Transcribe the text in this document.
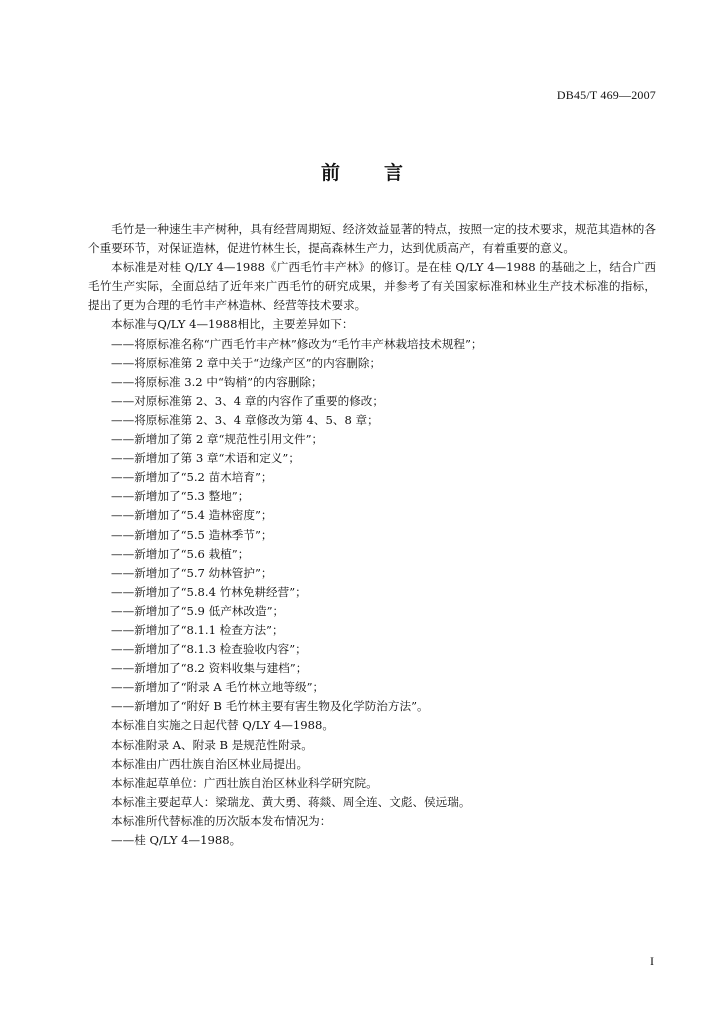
DB45/T 469—2007
前言

毛竹是一种速生丰产树种，具有经营周期短、经济效益显著的特点，按照一定的技术要求，规范其造林的各个重要环节，对保证造林，促进竹林生长，提高森林生产力，达到优质高产，有着重要的意义。

本标准是对桂 Q/LY 4—1988《广西毛竹丰产林》的修订。是在桂 Q/LY 4—1988 的基础之上，结合广西毛竹生产实际，全面总结了近年来广西毛竹的研究成果，并参考了有关国家标准和林业生产技术标准的指标，提出了更为合理的毛竹丰产林造林、经营等技术要求。

本标准与Q/LY 4—1988相比，主要差异如下：

——将原标准名称“广西毛竹丰产林”修改为“毛竹丰产林栽培技术规程”；

——将原标准第 2 章中关于“边缘产区”的内容删除；

——将原标准 3.2 中“钩梢”的内容删除；

——对原标准第 2、3、4 章的内容作了重要的修改；

——将原标准第 2、3、4 章修改为第 4、5、8 章；

——新增加了第 2 章“规范性引用文件”；

——新增加了第 3 章“术语和定义”；

——新增加了“5.2 苗木培育”；

——新增加了“5.3 整地”；

——新增加了“5.4 造林密度”；

——新增加了“5.5 造林季节”；

——新增加了“5.6 栽植”；

——新增加了“5.7 幼林管护”；

——新增加了“5.8.4 竹林免耕经营”；

——新增加了“5.9 低产林改造”；

——新增加了“8.1.1 检查方法”；

——新增加了“8.1.3 检查验收内容”；

——新增加了“8.2 资料收集与建档”；

——新增加了“附录 A 毛竹林立地等级”；

——新增加了“附好 B 毛竹林主要有害生物及化学防治方法”。

本标准自实施之日起代替 Q/LY 4—1988。

本标准附录 A、附录 B 是规范性附录。

本标准由广西壮族自治区林业局提出。

本标准起草单位：广西壮族自治区林业科学研究院。

本标准主要起草人：梁瑞龙、黄大勇、蒋燚、周全连、文彪、侯远瑞。

本标准所代替标准的历次版本发布情况为：

——桂 Q/LY 4—1988。

I
